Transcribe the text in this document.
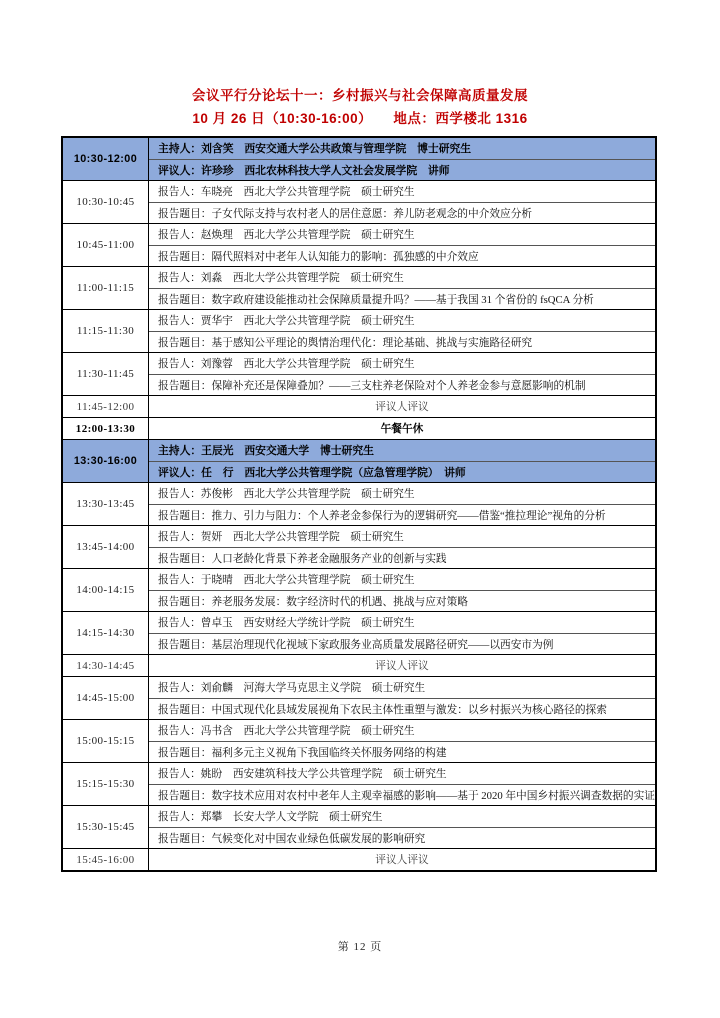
会议平行分论坛十一：乡村振兴与社会保障高质量发展
10 月 26 日（10:30-16:00）　　地点：西学楼北 1316
10:30-12:00
主持人：刘含笑　西安交通大学公共政策与管理学院　博士研究生
评议人：许珍珍　西北农林科技大学人文社会发展学院　讲师
10:30-10:45
报告人：车晓亮　西北大学公共管理学院　硕士研究生
报告题目：子女代际支持与农村老人的居住意愿：养儿防老观念的中介效应分析
10:45-11:00
报告人：赵焕理　西北大学公共管理学院　硕士研究生
报告题目：隔代照料对中老年人认知能力的影响：孤独感的中介效应
11:00-11:15
报告人：刘淼　西北大学公共管理学院　硕士研究生
报告题目：数字政府建设能推动社会保障质量提升吗？——基于我国 31 个省份的 fsQCA 分析
11:15-11:30
报告人：贾华宇　西北大学公共管理学院　硕士研究生
报告题目：基于感知公平理论的舆情治理代化：理论基础、挑战与实施路径研究
11:30-11:45
报告人：刘豫蓉　西北大学公共管理学院　硕士研究生
报告题目：保障补充还是保障叠加？——三支柱养老保险对个人养老金参与意愿影响的机制
11:45-12:00	评议人评议
12:00-13:30	午餐午休
13:30-16:00
主持人：王辰光　西安交通大学　博士研究生
评议人：任　行　西北大学公共管理学院（应急管理学院）　讲师
13:30-13:45
报告人：苏俊彬　西北大学公共管理学院　硕士研究生
报告题目：推力、引力与阻力：个人养老金参保行为的逻辑研究——借鉴“推拉理论”视角的分析
13:45-14:00
报告人：贺妍　西北大学公共管理学院　硕士研究生
报告题目：人口老龄化背景下养老金融服务产业的创新与实践
14:00-14:15
报告人：于晓晴　西北大学公共管理学院　硕士研究生
报告题目：养老服务发展：数字经济时代的机遇、挑战与应对策略
14:15-14:30
报告人：曾卓玉　西安财经大学统计学院　硕士研究生
报告题目：基层治理现代化视域下家政服务业高质量发展路径研究——以西安市为例
14:30-14:45	评议人评议
14:45-15:00
报告人：刘俞麟　河海大学马克思主义学院　硕士研究生
报告题目：中国式现代化县域发展视角下农民主体性重塑与激发：以乡村振兴为核心路径的探索
15:00-15:15
报告人：冯书含　西北大学公共管理学院　硕士研究生
报告题目：福利多元主义视角下我国临终关怀服务网络的构建
15:15-15:30
报告人：姚盼　西安建筑科技大学公共管理学院　硕士研究生
报告题目：数字技术应用对农村中老年人主观幸福感的影响——基于 2020 年中国乡村振兴调查数据的实证
15:30-15:45
报告人：郑攀　长安大学人文学院　硕士研究生
报告题目：气候变化对中国农业绿色低碳发展的影响研究
15:45-16:00	评议人评议
第 12 页
